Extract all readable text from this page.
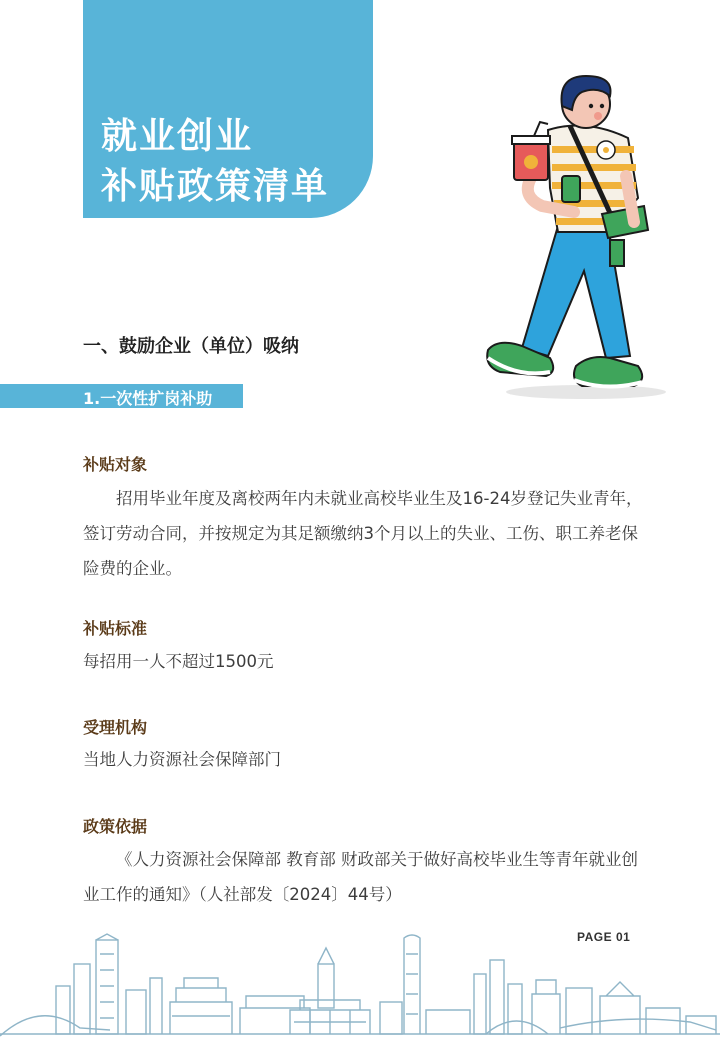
就业创业
补贴政策清单
一、鼓励企业（单位）吸纳
1.一次性扩岗补助
补贴对象
招用毕业年度及离校两年内未就业高校毕业生及16-24岁登记失业青年，签订劳动合同，并按规定为其足额缴纳3个月以上的失业、工伤、职工养老保险费的企业。
补贴标准
每招用一人不超过1500元
受理机构
当地人力资源社会保障部门
政策依据
《人力资源社会保障部 教育部 财政部关于做好高校毕业生等青年就业创业工作的通知》（人社部发〔2024〕44号）
PAGE 01
